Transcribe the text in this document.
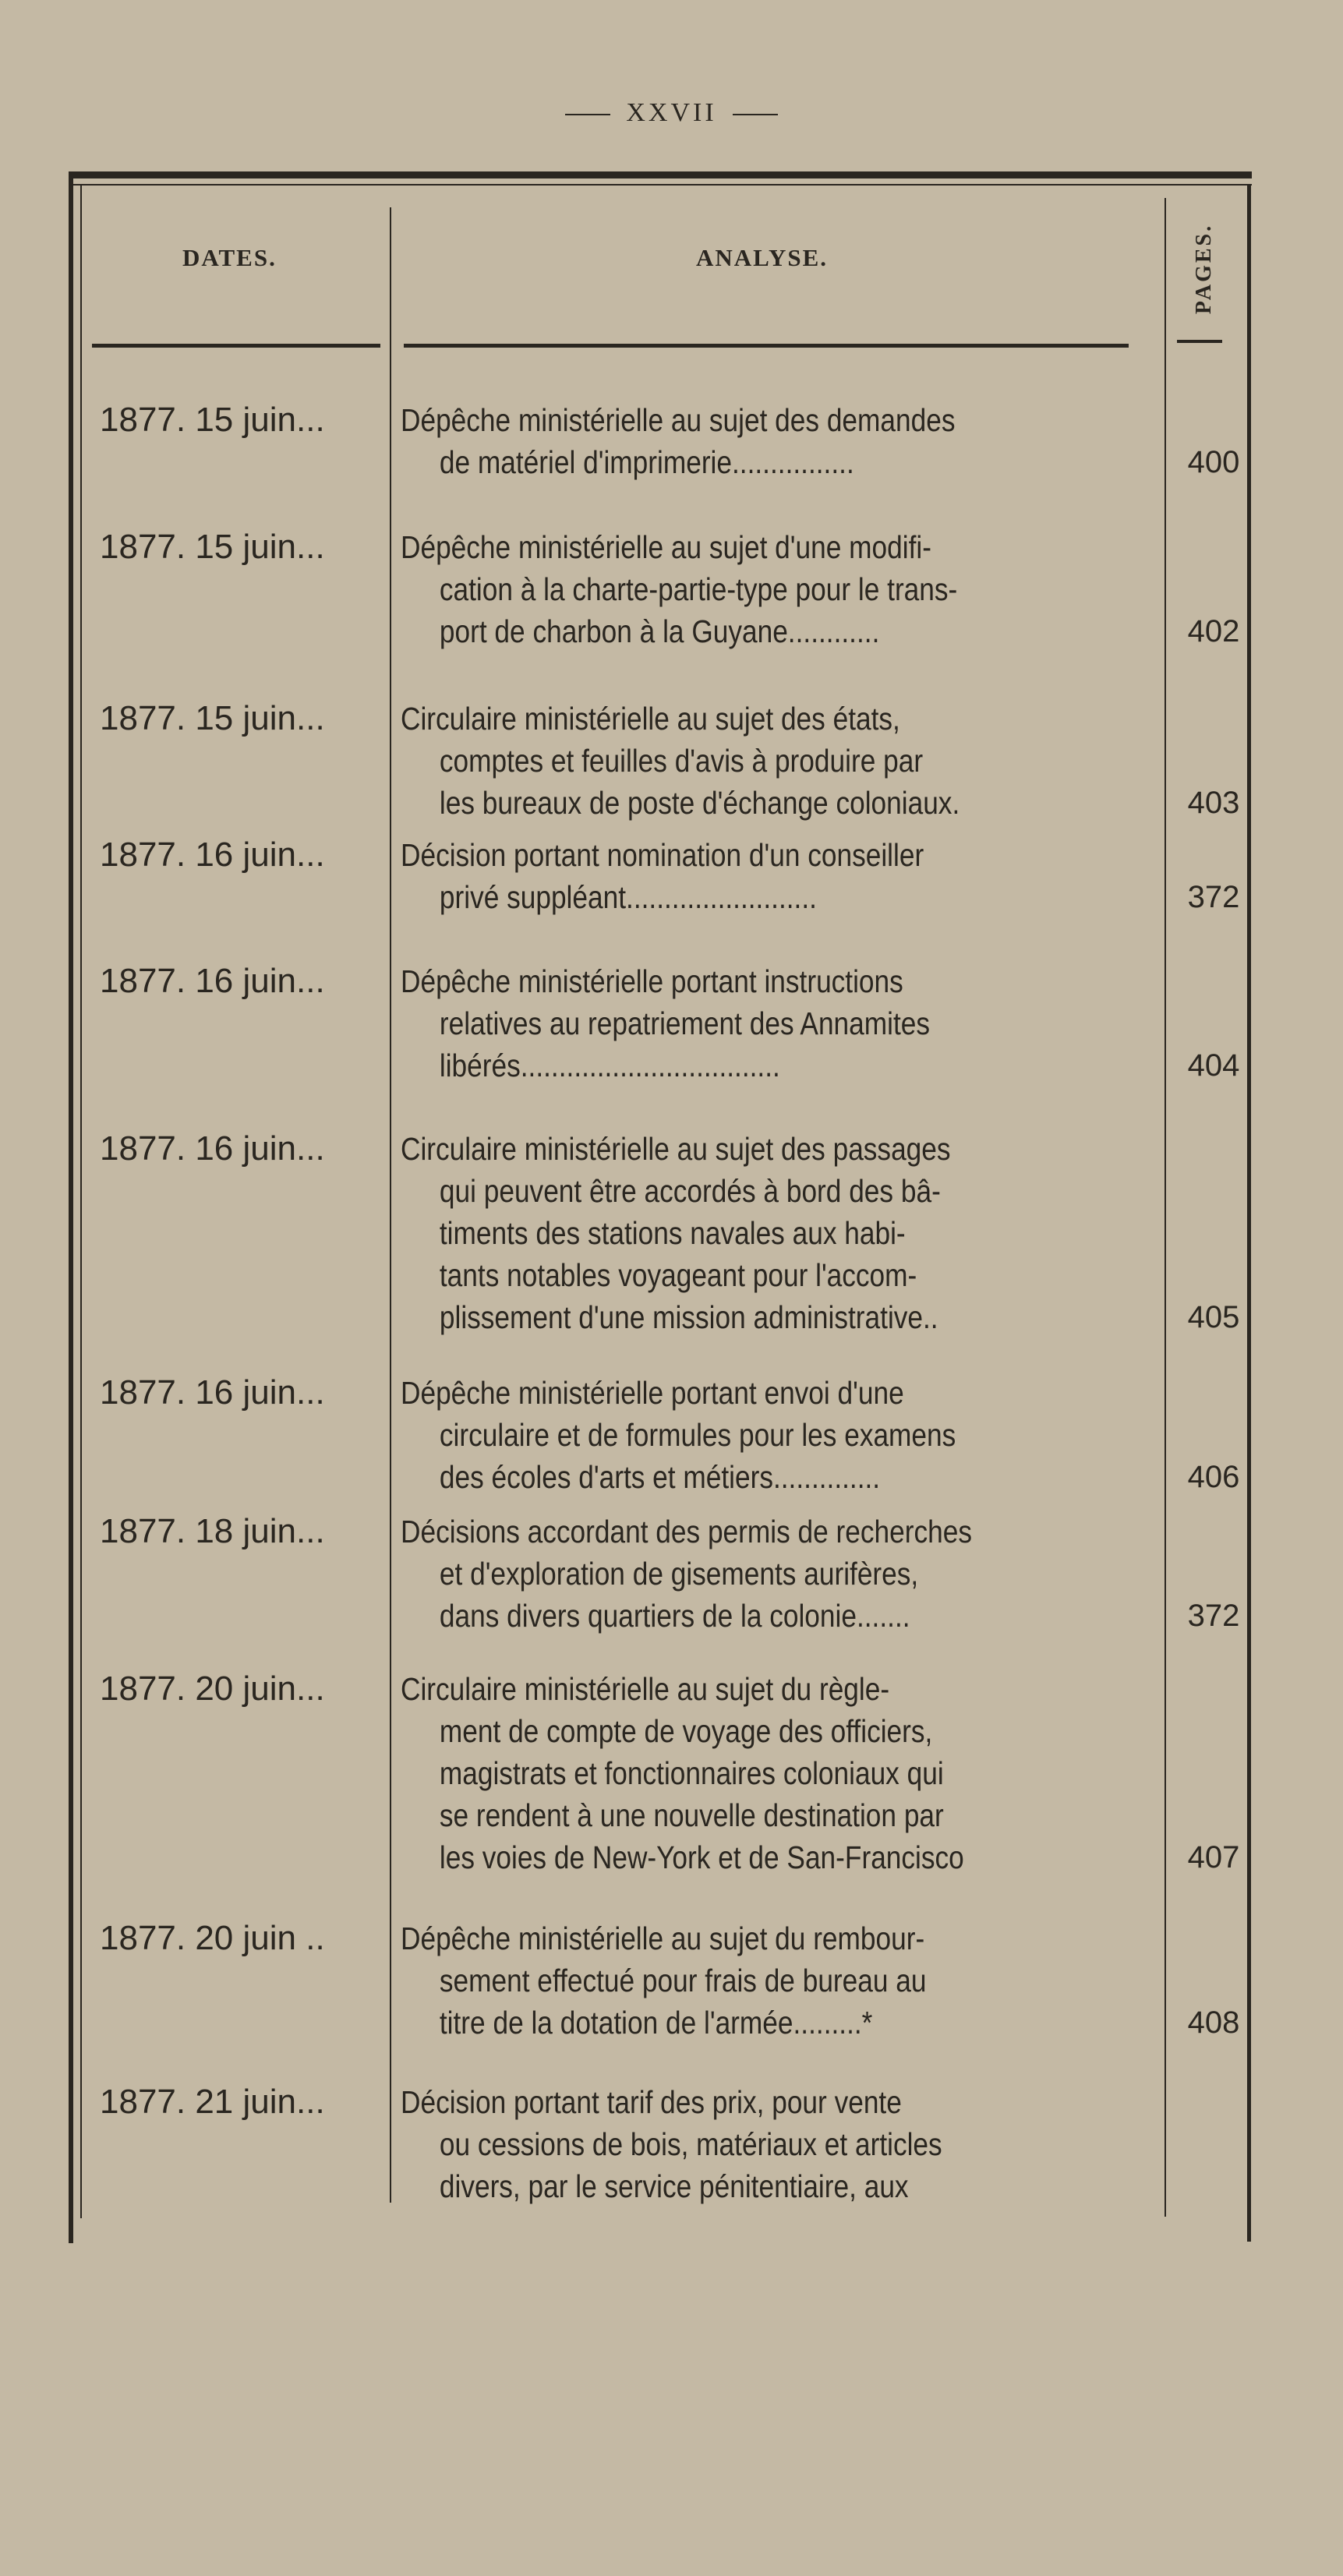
XXVII
DATES.	ANALYSE.	PAGES.
1877. 15 juin...	Dépêche ministérielle au sujet des demandes
de matériel d'imprimerie................	400
1877. 15 juin...	Dépêche ministérielle au sujet d'une modifi-
cation à la charte-partie-type pour le trans-
port de charbon à la Guyane............	402
1877. 15 juin...	Circulaire ministérielle au sujet des états,
comptes et feuilles d'avis à produire par
les bureaux de poste d'échange coloniaux.	403
1877. 16 juin...	Décision portant nomination d'un conseiller
privé suppléant.........................	372
1877. 16 juin...	Dépêche ministérielle portant instructions
relatives au repatriement des Annamites
libérés..................................	404
1877. 16 juin...	Circulaire ministérielle au sujet des passages
qui peuvent être accordés à bord des bâ-
timents des stations navales aux habi-
tants notables voyageant pour l'accom-
plissement d'une mission administrative..	405
1877. 16 juin...	Dépêche ministérielle portant envoi d'une
circulaire et de formules pour les examens
des écoles d'arts et métiers..............	406
1877. 18 juin...	Décisions accordant des permis de recherches
et d'exploration de gisements aurifères,
dans divers quartiers de la colonie.......	372
1877. 20 juin...	Circulaire ministérielle au sujet du règle-
ment de compte de voyage des officiers,
magistrats et fonctionnaires coloniaux qui
se rendent à une nouvelle destination par
les voies de New-York et de San-Francisco	407
1877. 20 juin ..	Dépêche ministérielle au sujet du rembour-
sement effectué pour frais de bureau au
titre de la dotation de l'armée.........*	408
1877. 21 juin...	Décision portant tarif des prix, pour vente
ou cessions de bois, matériaux et articles
divers, par le service pénitentiaire, aux
